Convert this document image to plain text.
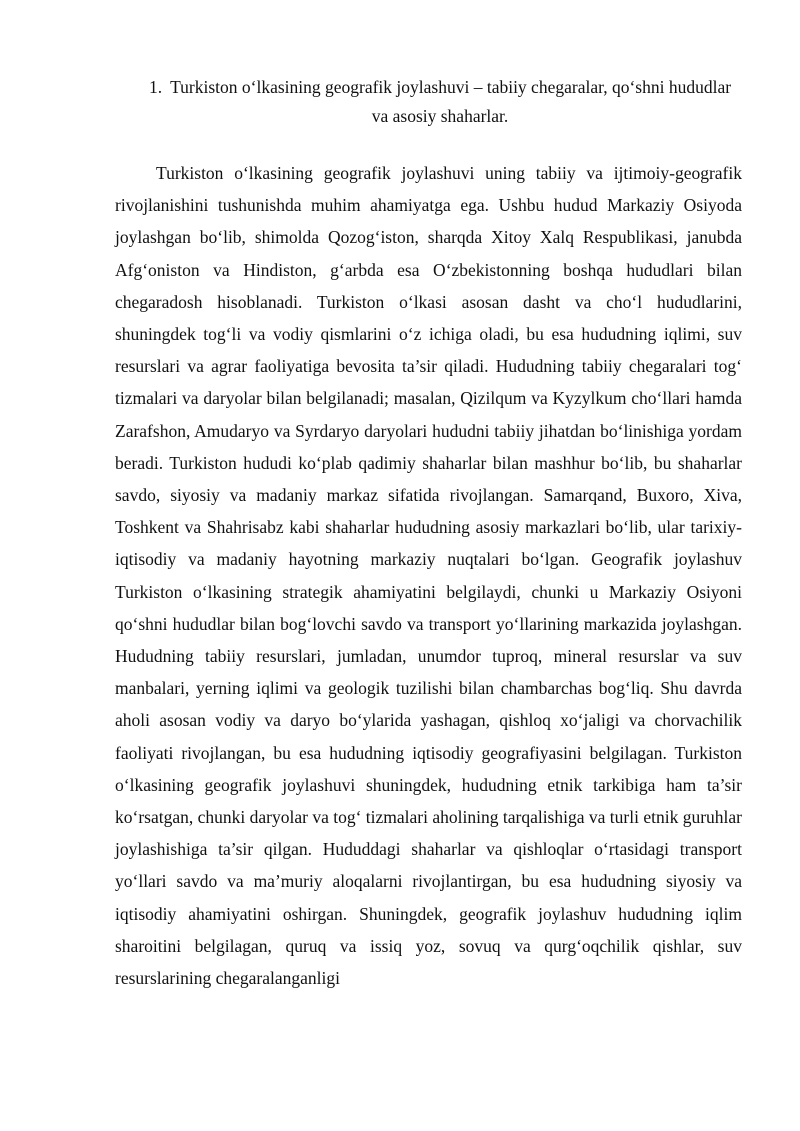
1. Turkiston o‘lkasining geografik joylashuvi – tabiiy chegaralar, qo‘shni hududlar va asosiy shaharlar.

Turkiston o‘lkasining geografik joylashuvi uning tabiiy va ijtimoiy-geografik rivojlanishini tushunishda muhim ahamiyatga ega. Ushbu hudud Markaziy Osiyoda joylashgan bo‘lib, shimolda Qozog‘iston, sharqda Xitoy Xalq Respublikasi, janubda Afg‘oniston va Hindiston, g‘arbda esa O‘zbekistonning boshqa hududlari bilan chegaradosh hisoblanadi. Turkiston o‘lkasi asosan dasht va cho‘l hududlarini, shuningdek tog‘li va vodiy qismlarini o‘z ichiga oladi, bu esa hududning iqlimi, suv resurslari va agrar faoliyatiga bevosita ta’sir qiladi. Hududning tabiiy chegaralari tog‘ tizmalari va daryolar bilan belgilanadi; masalan, Qizilqum va Kyzylkum cho‘llari hamda Zarafshon, Amudaryo va Syrdaryo daryolari hududni tabiiy jihatdan bo‘linishiga yordam beradi. Turkiston hududi ko‘plab qadimiy shaharlar bilan mashhur bo‘lib, bu shaharlar savdo, siyosiy va madaniy markaz sifatida rivojlangan. Samarqand, Buxoro, Xiva, Toshkent va Shahrisabz kabi shaharlar hududning asosiy markazlari bo‘lib, ular tarixiy-iqtisodiy va madaniy hayotning markaziy nuqtalari bo‘lgan. Geografik joylashuv Turkiston o‘lkasining strategik ahamiyatini belgilaydi, chunki u Markaziy Osiyoni qo‘shni hududlar bilan bog‘lovchi savdo va transport yo‘llarining markazida joylashgan. Hududning tabiiy resurslari, jumladan, unumdor tuproq, mineral resurslar va suv manbalari, yerning iqlimi va geologik tuzilishi bilan chambarchas bog‘liq. Shu davrda aholi asosan vodiy va daryo bo‘ylarida yashagan, qishloq xo‘jaligi va chorvachilik faoliyati rivojlangan, bu esa hududning iqtisodiy geografiyasini belgilagan. Turkiston o‘lkasining geografik joylashuvi shuningdek, hududning etnik tarkibiga ham ta’sir ko‘rsatgan, chunki daryolar va tog‘ tizmalari aholining tarqalishiga va turli etnik guruhlar joylashishiga ta’sir qilgan. Hududdagi shaharlar va qishloqlar o‘rtasidagi transport yo‘llari savdo va ma’muriy aloqalarni rivojlantirgan, bu esa hududning siyosiy va iqtisodiy ahamiyatini oshirgan. Shuningdek, geografik joylashuv hududning iqlim sharoitini belgilagan, quruq va issiq yoz, sovuq va qurg‘oqchilik qishlar, suv resurslarining chegaralanganligi
